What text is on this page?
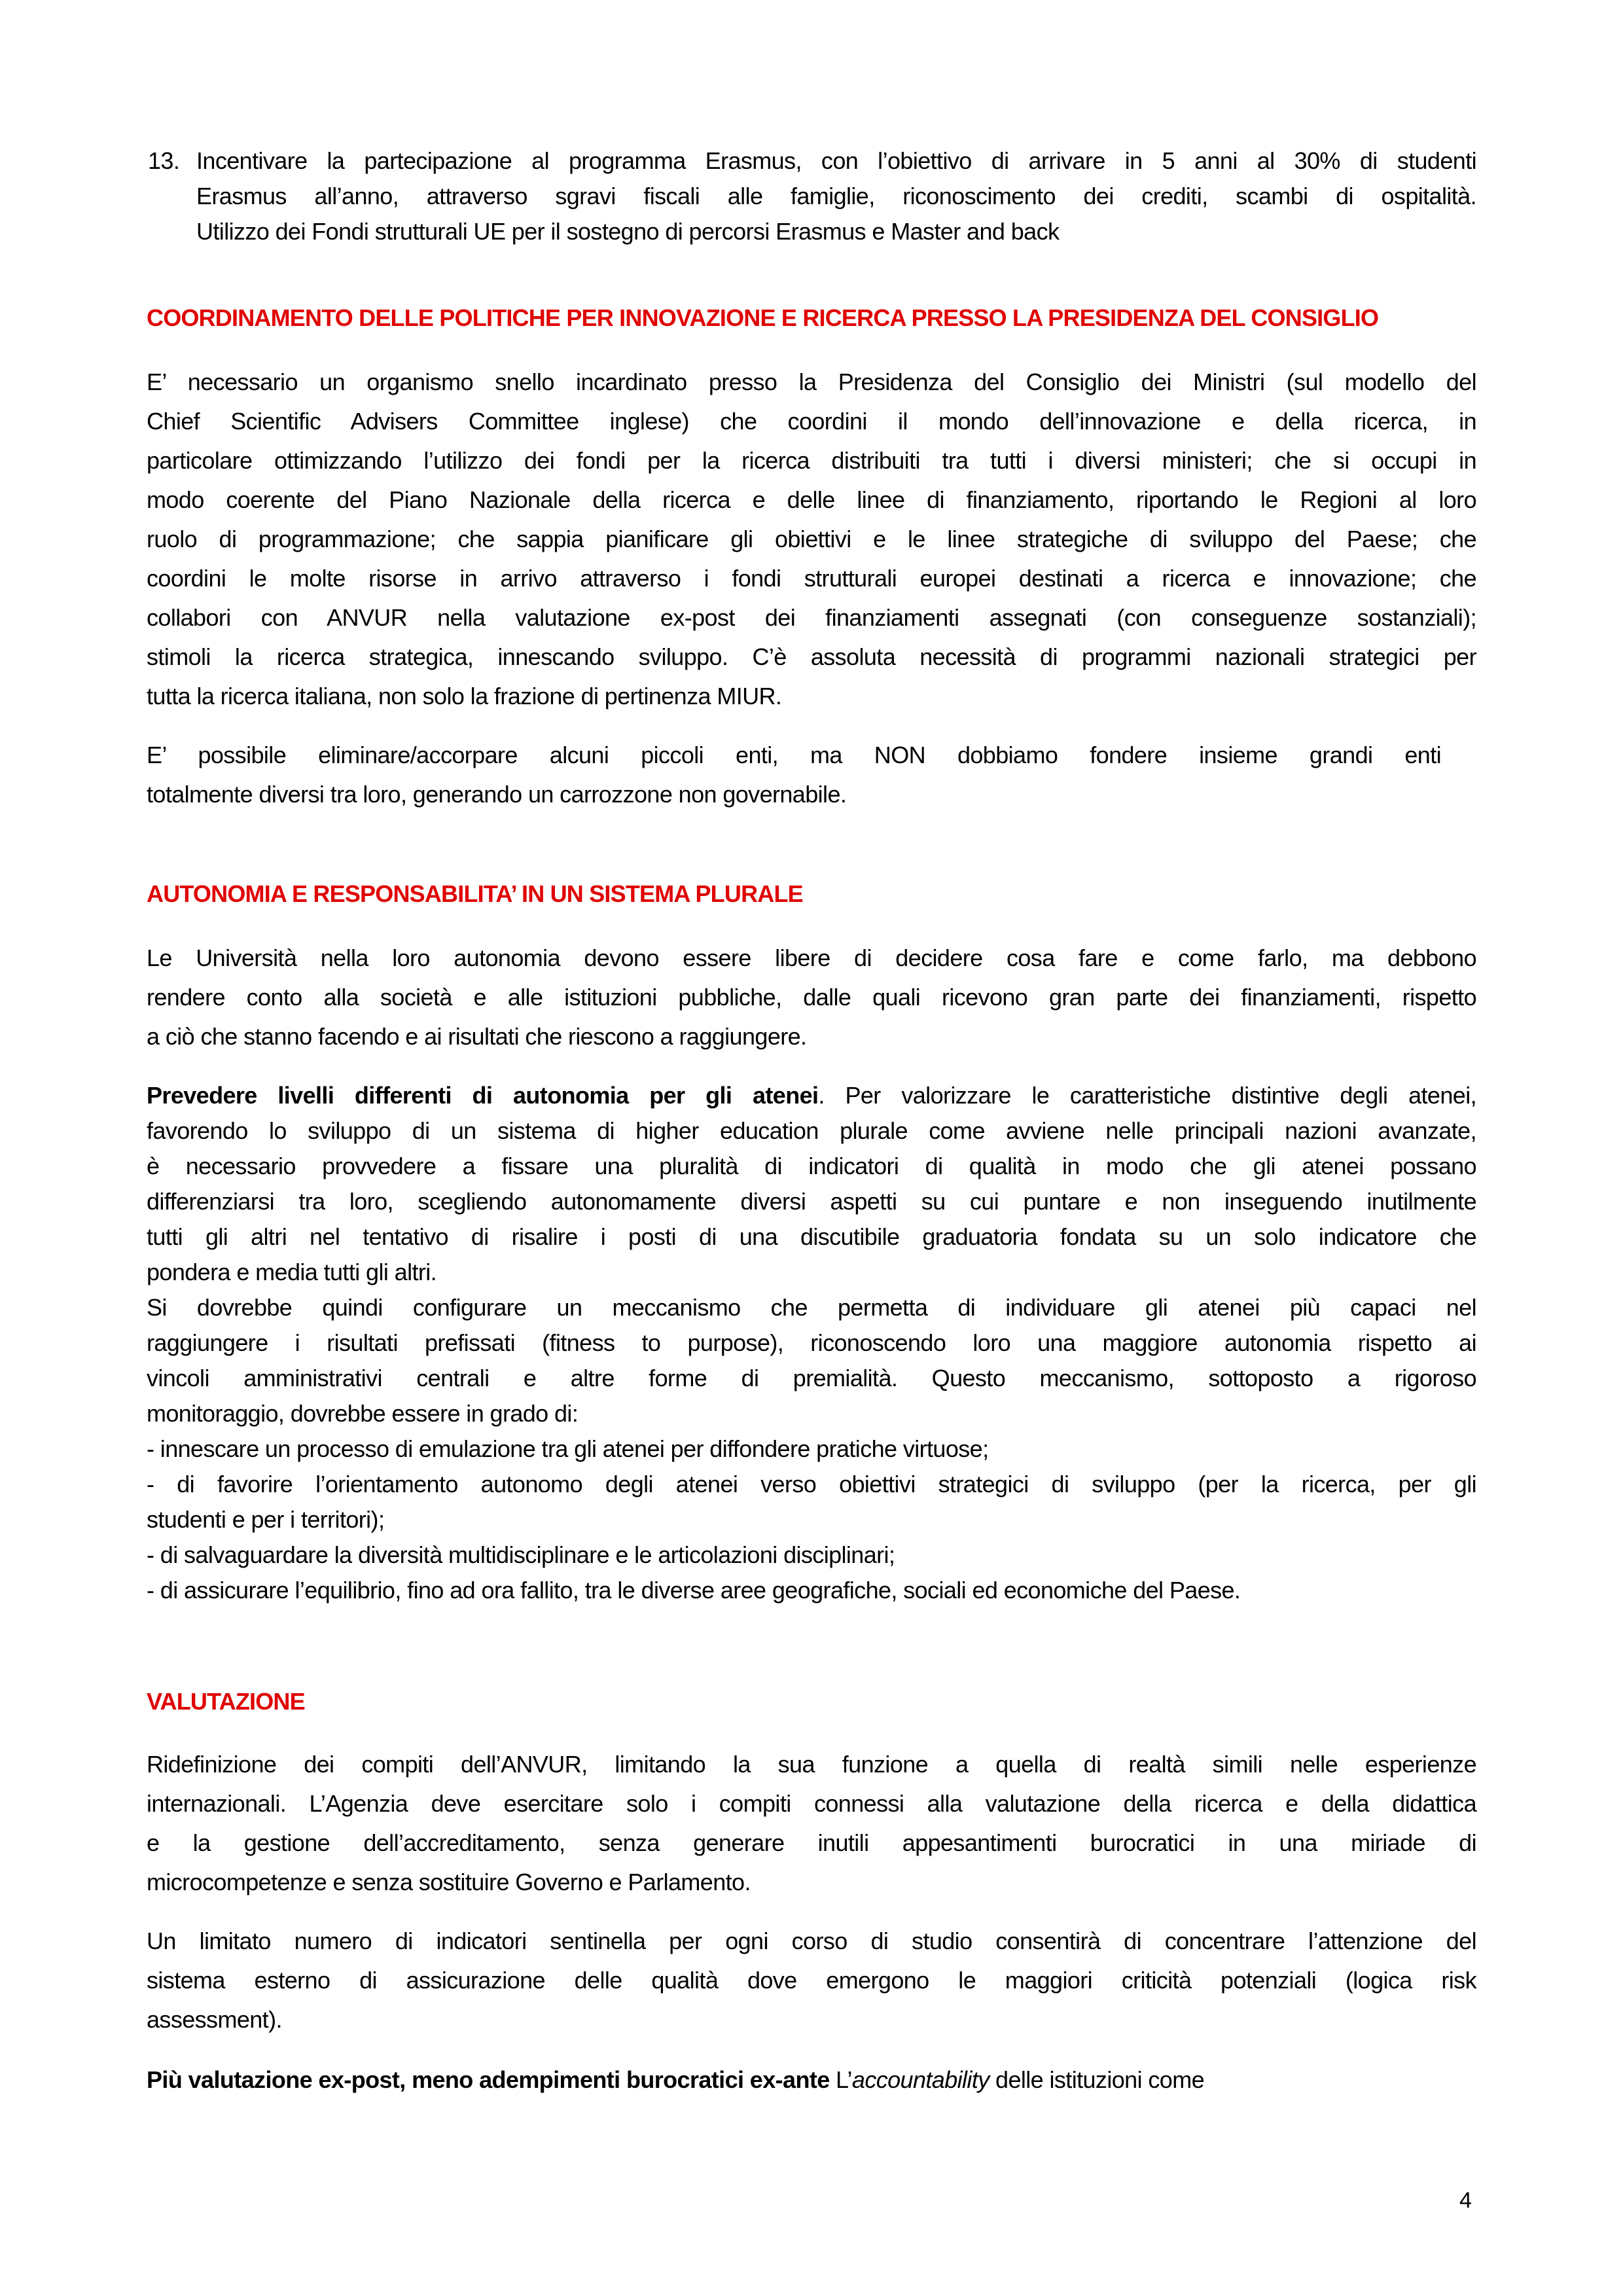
13. Incentivare la partecipazione al programma Erasmus, con l’obiettivo di arrivare in 5 anni al 30% di studenti
Erasmus all’anno, attraverso sgravi fiscali alle famiglie, riconoscimento dei crediti, scambi di ospitalità.
Utilizzo dei Fondi strutturali UE per il sostegno di percorsi Erasmus e Master and back
COORDINAMENTO DELLE POLITICHE PER INNOVAZIONE E RICERCA PRESSO LA PRESIDENZA DEL CONSIGLIO
E’ necessario un organismo snello incardinato presso la Presidenza del Consiglio dei Ministri (sul modello del
Chief Scientific Advisers Committee inglese) che coordini il mondo dell’innovazione e della ricerca, in
particolare ottimizzando l’utilizzo dei fondi per la ricerca distribuiti tra tutti i diversi ministeri; che si occupi in
modo coerente del Piano Nazionale della ricerca e delle linee di finanziamento, riportando le Regioni al loro
ruolo di programmazione; che sappia pianificare gli obiettivi e le linee strategiche di sviluppo del Paese; che
coordini le molte risorse in arrivo attraverso i fondi strutturali europei destinati a ricerca e innovazione; che
collabori con ANVUR nella valutazione ex-post dei finanziamenti assegnati (con conseguenze sostanziali);
stimoli la ricerca strategica, innescando sviluppo. C’è assoluta necessità di programmi nazionali strategici per
tutta la ricerca italiana, non solo la frazione di pertinenza MIUR.
E’ possibile eliminare/accorpare alcuni piccoli enti, ma NON dobbiamo fondere insieme grandi enti
totalmente diversi tra loro, generando un carrozzone non governabile.
AUTONOMIA E RESPONSABILITA’ IN UN SISTEMA PLURALE
Le Università nella loro autonomia devono essere libere di decidere cosa fare e come farlo, ma debbono
rendere conto alla società e alle istituzioni pubbliche, dalle quali ricevono gran parte dei finanziamenti, rispetto
a ciò che stanno facendo e ai risultati che riescono a raggiungere.
Prevedere livelli differenti di autonomia per gli atenei. Per valorizzare le caratteristiche distintive degli atenei,
favorendo lo sviluppo di un sistema di higher education plurale come avviene nelle principali nazioni avanzate,
è necessario provvedere a fissare una pluralità di indicatori di qualità in modo che gli atenei possano
differenziarsi tra loro, scegliendo autonomamente diversi aspetti su cui puntare e non inseguendo inutilmente
tutti gli altri nel tentativo di risalire i posti di una discutibile graduatoria fondata su un solo indicatore che
pondera e media tutti gli altri.
Si dovrebbe quindi configurare un meccanismo che permetta di individuare gli atenei più capaci nel
raggiungere i risultati prefissati (fitness to purpose), riconoscendo loro una maggiore autonomia rispetto ai
vincoli amministrativi centrali e altre forme di premialità. Questo meccanismo, sottoposto a rigoroso
monitoraggio, dovrebbe essere in grado di:
- innescare un processo di emulazione tra gli atenei per diffondere pratiche virtuose;
- di favorire l’orientamento autonomo degli atenei verso obiettivi strategici di sviluppo (per la ricerca, per gli
studenti e per i territori);
- di salvaguardare la diversità multidisciplinare e le articolazioni disciplinari;
- di assicurare l’equilibrio, fino ad ora fallito, tra le diverse aree geografiche, sociali ed economiche del Paese.
VALUTAZIONE
Ridefinizione dei compiti dell’ANVUR, limitando la sua funzione a quella di realtà simili nelle esperienze
internazionali. L’Agenzia deve esercitare solo i compiti connessi alla valutazione della ricerca e della didattica
e la gestione dell’accreditamento, senza generare inutili appesantimenti burocratici in una miriade di
microcompetenze e senza sostituire Governo e Parlamento.
Un limitato numero di indicatori sentinella per ogni corso di studio consentirà di concentrare l’attenzione del
sistema esterno di assicurazione delle qualità dove emergono le maggiori criticità potenziali (logica risk
assessment).
Più valutazione ex-post, meno adempimenti burocratici ex-ante L’accountability delle istituzioni come
4
